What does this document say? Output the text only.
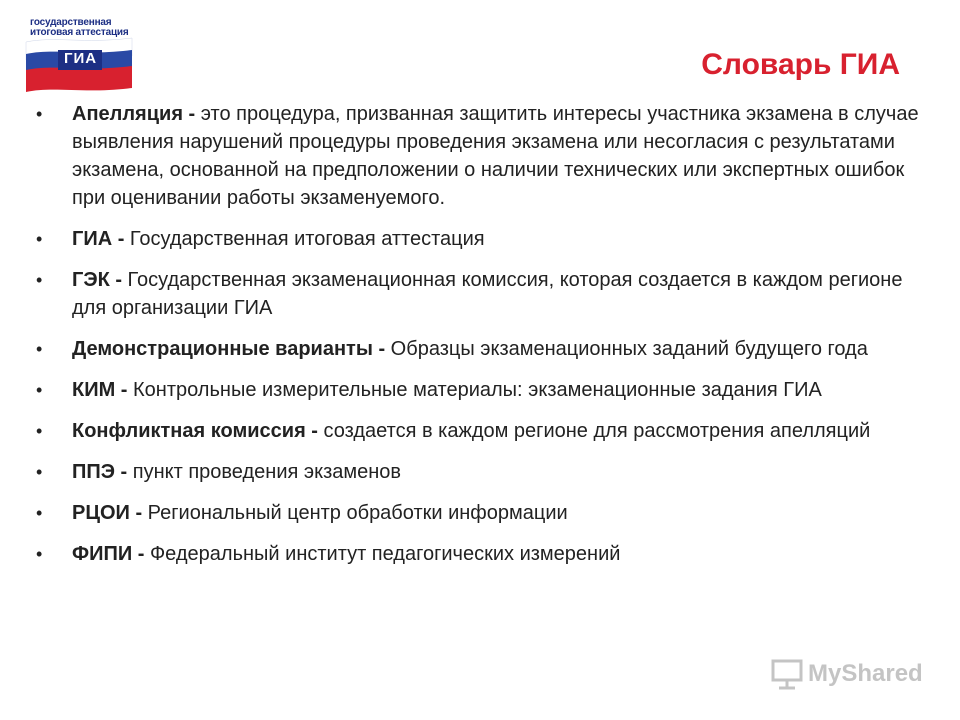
государственная
итоговая аттестация
ГИА	Словарь ГИА
• Апелляция - это процедура, призванная защитить интересы участника экзамена в случае выявления нарушений процедуры проведения экзамена или несогласия с результатами экзамена, основанной на предположении о наличии технических или экспертных ошибок при оценивании работы экзаменуемого.
• ГИА - Государственная итоговая аттестация
• ГЭК - Государственная экзаменационная комиссия, которая создается в каждом регионе для организации ГИА
• Демонстрационные варианты - Образцы экзаменационных заданий будущего года
• КИМ - Контрольные измерительные материалы: экзаменационные задания ГИА
• Конфликтная комиссия - создается в каждом регионе для рассмотрения апелляций
• ППЭ - пункт проведения экзаменов
• РЦОИ - Региональный центр обработки информации
• ФИПИ - Федеральный институт педагогических измерений
MyShared
